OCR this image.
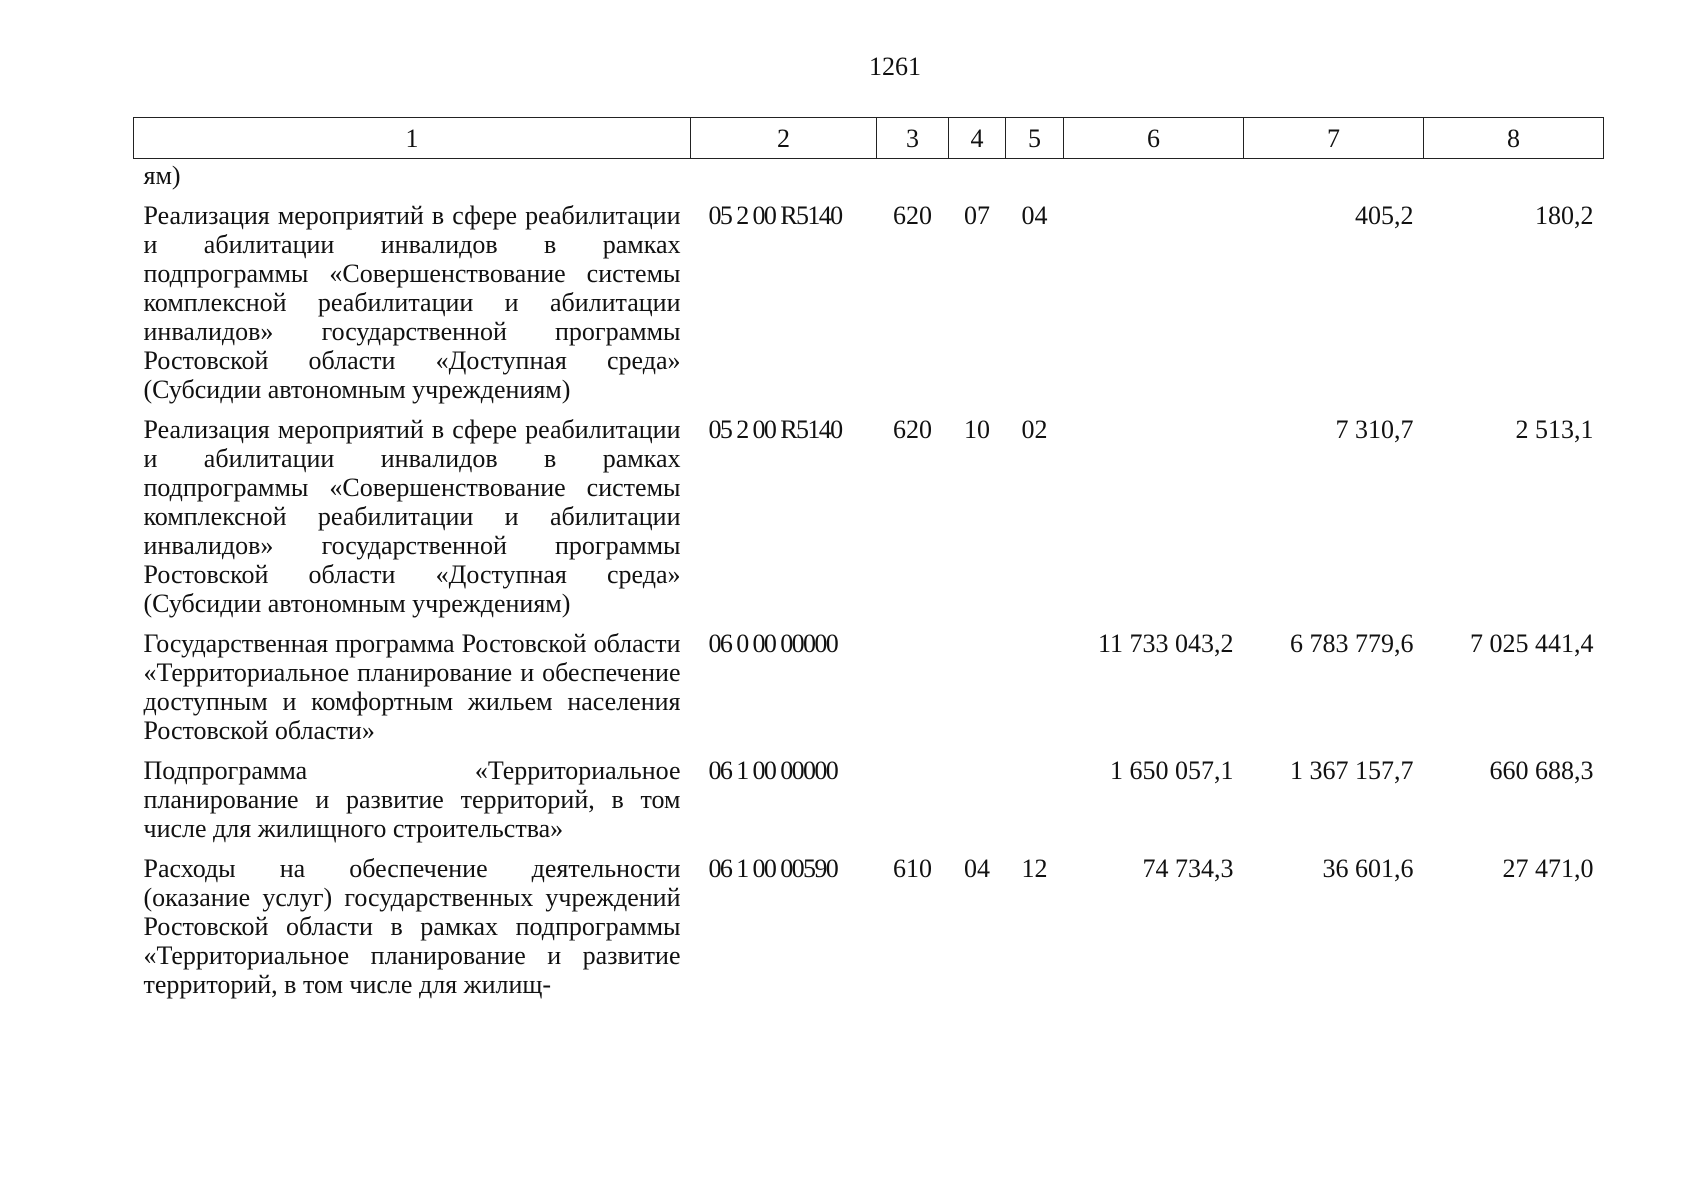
1261
1	2	3	4	5	6	7	8
ям)							
Реализация мероприятий в сфере реабилитации и абилитации инвалидов в рамках подпрограммы «Совершенствование системы комплексной реабилитации и абилитации инвалидов» государственной программы Ростовской области «Доступная среда» (Субсидии автономным учреждениям)	05 2 00 R5140	620	07	04		405,2	180,2
Реализация мероприятий в сфере реабилитации и абилитации инвалидов в рамках подпрограммы «Совершенствование системы комплексной реабилитации и абилитации инвалидов» государственной программы Ростовской области «Доступная среда» (Субсидии автономным учреждениям)	05 2 00 R5140	620	10	02		7 310,7	2 513,1
Государственная программа Ростовской области «Территориальное планирование и обеспечение доступным и комфортным жильем населения Ростовской области»	06 0 00 00000				11 733 043,2	6 783 779,6	7 025 441,4
Подпрограмма «Территориальное планирование и развитие территорий, в том числе для жилищного строительства»	06 1 00 00000				1 650 057,1	1 367 157,7	660 688,3
Расходы на обеспечение деятельности (оказание услуг) государственных учреждений Ростовской области в рамках подпрограммы «Территориальное планирование и развитие территорий, в том числе для жилищ-	06 1 00 00590	610	04	12	74 734,3	36 601,6	27 471,0
